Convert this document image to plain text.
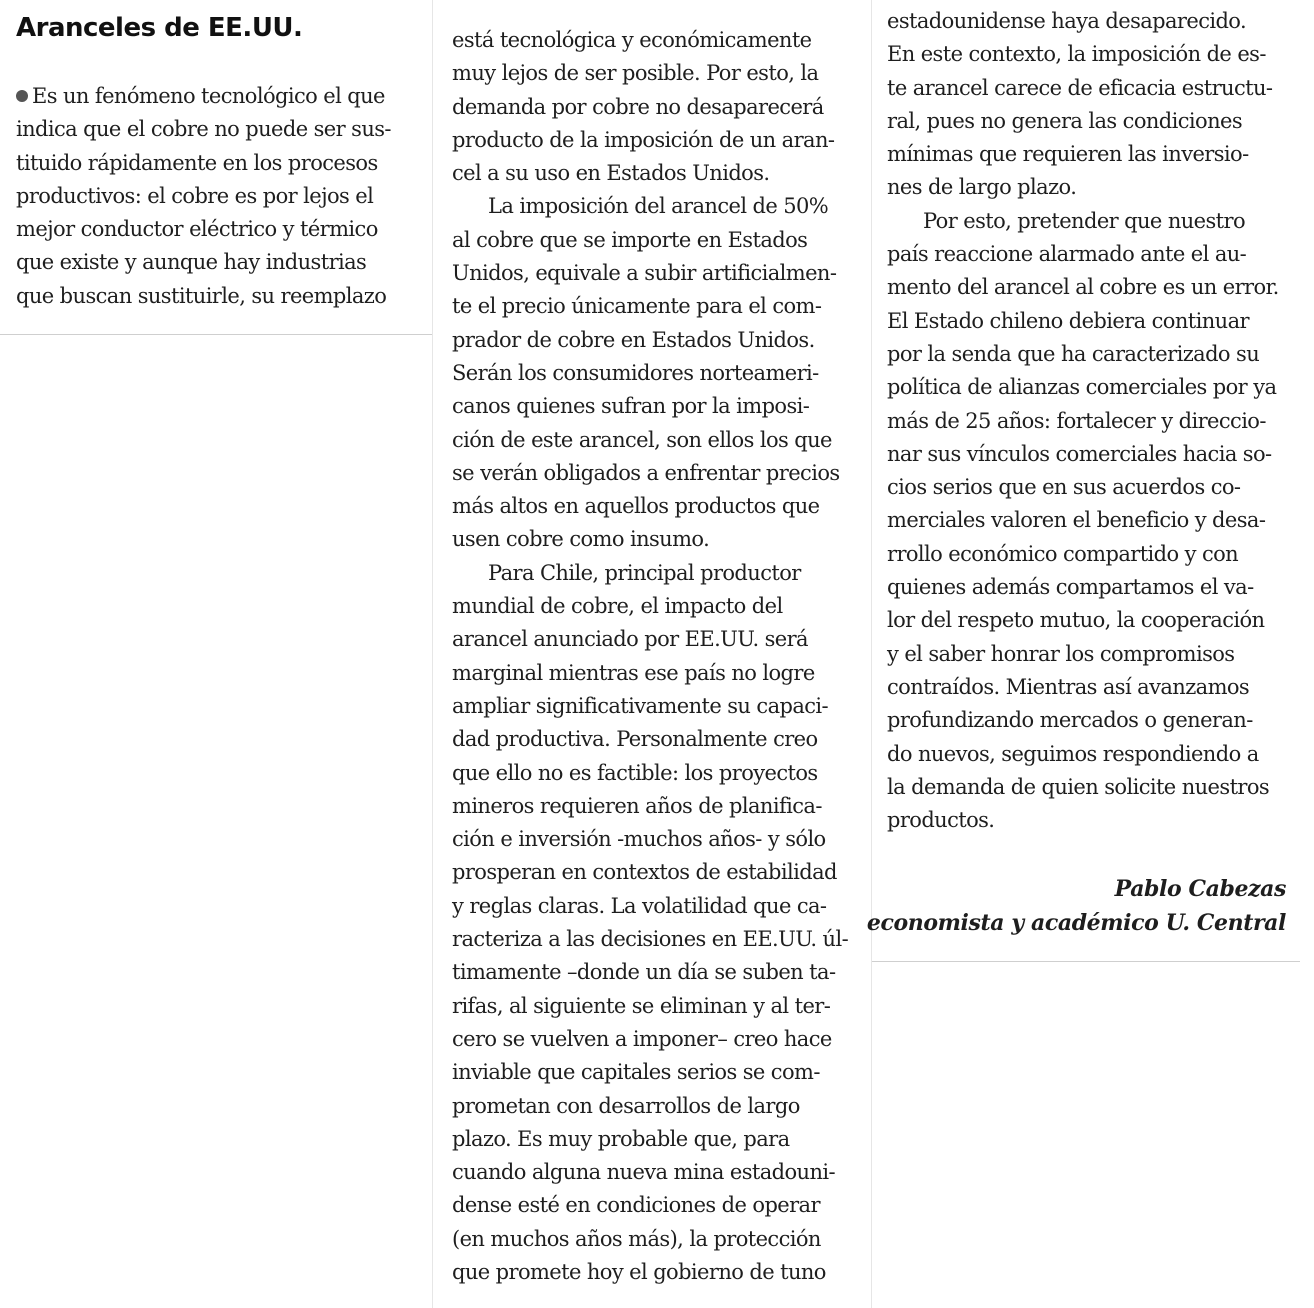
Aranceles de EE.UU.
Es un fenómeno tecnológico el que
indica que el cobre no puede ser sus-
tituido rápidamente en los procesos
productivos: el cobre es por lejos el
mejor conductor eléctrico y térmico
que existe y aunque hay industrias
que buscan sustituirle, su reemplazo
está tecnológica y económicamente
muy lejos de ser posible. Por esto, la
demanda por cobre no desaparecerá
producto de la imposición de un aran-
cel a su uso en Estados Unidos.
La imposición del arancel de 50%
al cobre que se importe en Estados
Unidos, equivale a subir artificialmen-
te el precio únicamente para el com-
prador de cobre en Estados Unidos.
Serán los consumidores norteameri-
canos quienes sufran por la imposi-
ción de este arancel, son ellos los que
se verán obligados a enfrentar precios
más altos en aquellos productos que
usen cobre como insumo.
Para Chile, principal productor
mundial de cobre, el impacto del
arancel anunciado por EE.UU. será
marginal mientras ese país no logre
ampliar significativamente su capaci-
dad productiva. Personalmente creo
que ello no es factible: los proyectos
mineros requieren años de planifica-
ción e inversión -muchos años- y sólo
prosperan en contextos de estabilidad
y reglas claras. La volatilidad que ca-
racteriza a las decisiones en EE.UU. úl-
timamente –donde un día se suben ta-
rifas, al siguiente se eliminan y al ter-
cero se vuelven a imponer– creo hace
inviable que capitales serios se com-
prometan con desarrollos de largo
plazo. Es muy probable que, para
cuando alguna nueva mina estadouni-
dense esté en condiciones de operar
(en muchos años más), la protección
que promete hoy el gobierno de tuno
estadounidense haya desaparecido.
En este contexto, la imposición de es-
te arancel carece de eficacia estructu-
ral, pues no genera las condiciones
mínimas que requieren las inversio-
nes de largo plazo.
Por esto, pretender que nuestro
país reaccione alarmado ante el au-
mento del arancel al cobre es un error.
El Estado chileno debiera continuar
por la senda que ha caracterizado su
política de alianzas comerciales por ya
más de 25 años: fortalecer y direccio-
nar sus vínculos comerciales hacia so-
cios serios que en sus acuerdos co-
merciales valoren el beneficio y desa-
rrollo económico compartido y con
quienes además compartamos el va-
lor del respeto mutuo, la cooperación
y el saber honrar los compromisos
contraídos. Mientras así avanzamos
profundizando mercados o generan-
do nuevos, seguimos respondiendo a
la demanda de quien solicite nuestros
productos.
Pablo Cabezas
economista y académico U. Central
